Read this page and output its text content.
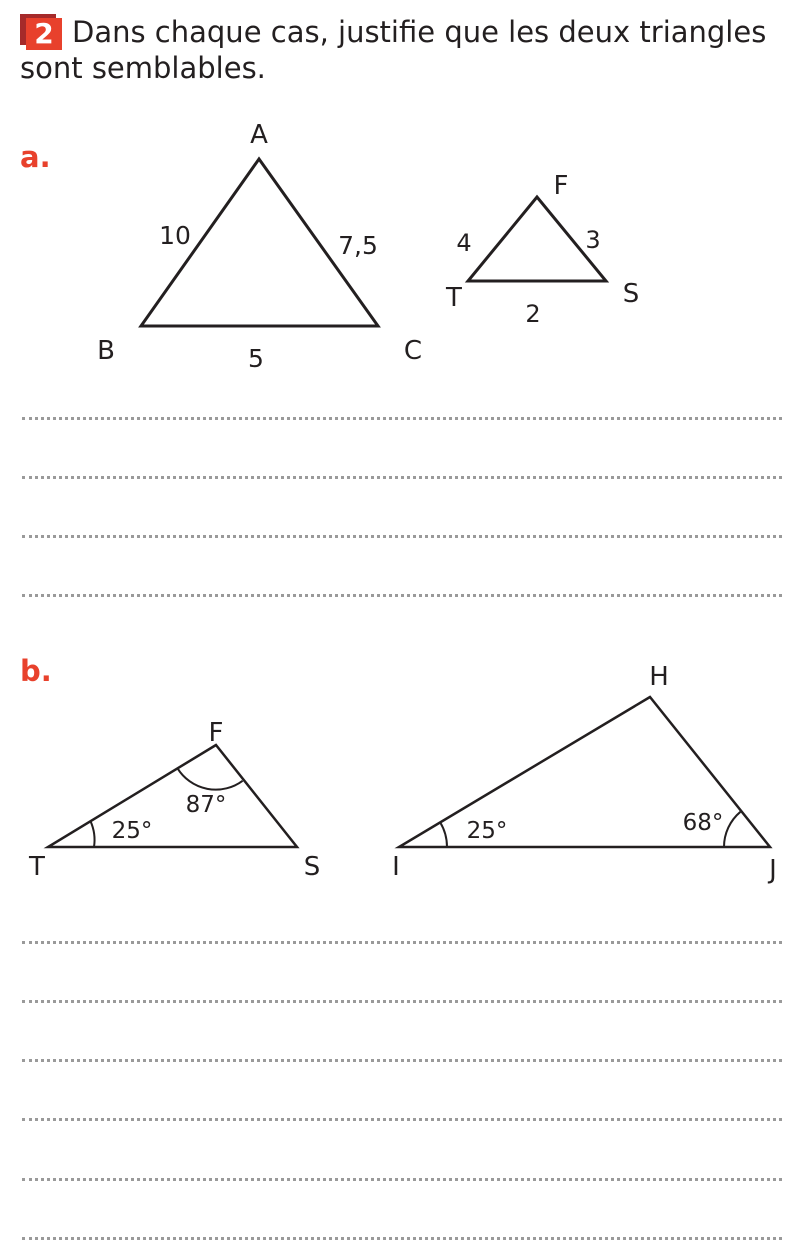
2 Dans chaque cas, justifie que les deux triangles sont semblables.
a.
A
B	C
10	7,5
5
F
T	S
4	3
2
F
T	S
25°
87°
H
I	J
25°	68°
b.
